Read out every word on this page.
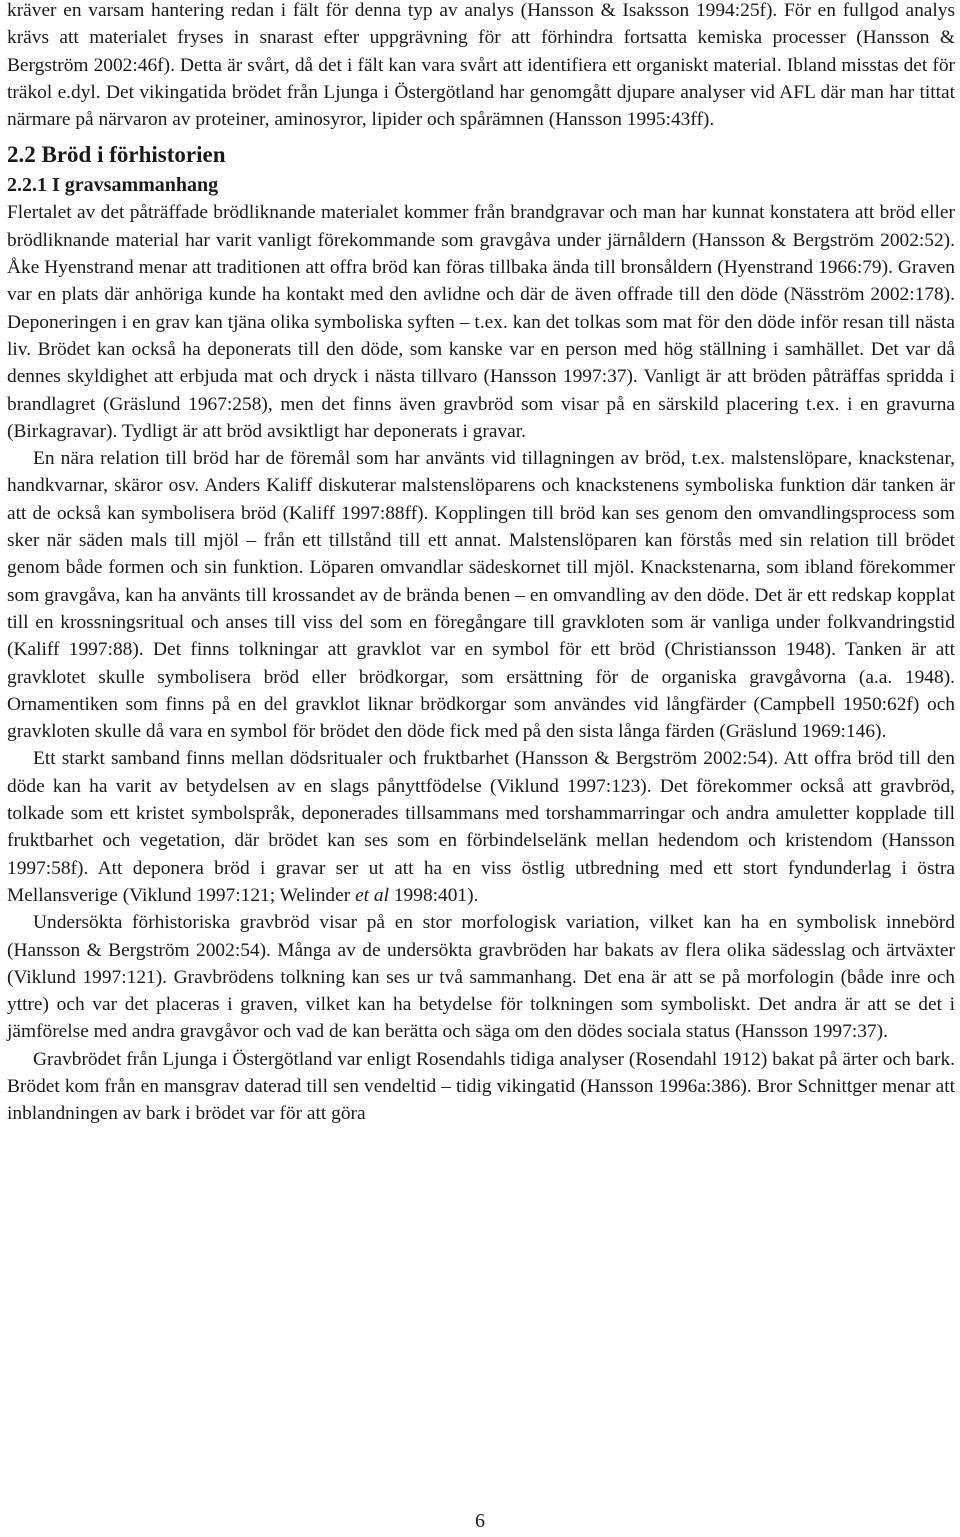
kräver en varsam hantering redan i fält för denna typ av analys (Hansson & Isaksson 1994:25f). För en fullgod analys krävs att materialet fryses in snarast efter uppgrävning för att förhindra fortsatta kemiska processer (Hansson & Bergström 2002:46f). Detta är svårt, då det i fält kan vara svårt att identifiera ett organiskt material. Ibland misstas det för träkol e.dyl. Det vikingatida brödet från Ljunga i Östergötland har genomgått djupare analyser vid AFL där man har tittat närmare på närvaron av proteiner, aminosyror, lipider och spårämnen (Hansson 1995:43ff).

2.2 Bröd i förhistorien
2.2.1 I gravsammanhang

Flertalet av det påträffade brödliknande materialet kommer från brandgravar och man har kunnat konstatera att bröd eller brödliknande material har varit vanligt förekommande som gravgåva under järnåldern (Hansson & Bergström 2002:52). Åke Hyenstrand menar att traditionen att offra bröd kan föras tillbaka ända till bronsåldern (Hyenstrand 1966:79). Graven var en plats där anhöriga kunde ha kontakt med den avlidne och där de även offrade till den döde (Näsström 2002:178). Deponeringen i en grav kan tjäna olika symboliska syften – t.ex. kan det tolkas som mat för den döde inför resan till nästa liv. Brödet kan också ha deponerats till den döde, som kanske var en person med hög ställning i samhället. Det var då dennes skyldighet att erbjuda mat och dryck i nästa tillvaro (Hansson 1997:37). Vanligt är att bröden påträffas spridda i brandlagret (Gräslund 1967:258), men det finns även gravbröd som visar på en särskild placering t.ex. i en gravurna (Birkagravar). Tydligt är att bröd avsiktligt har deponerats i gravar.

En nära relation till bröd har de föremål som har använts vid tillagningen av bröd, t.ex. malstenslöpare, knackstenar, handkvarnar, skäror osv. Anders Kaliff diskuterar malstenslöparens och knackstenens symboliska funktion där tanken är att de också kan symbolisera bröd (Kaliff 1997:88ff). Kopplingen till bröd kan ses genom den omvandlingsprocess som sker när säden mals till mjöl – från ett tillstånd till ett annat. Malstenslöparen kan förstås med sin relation till brödet genom både formen och sin funktion. Löparen omvandlar sädeskornet till mjöl. Knackstenarna, som ibland förekommer som gravgåva, kan ha använts till krossandet av de brända benen – en omvandling av den döde. Det är ett redskap kopplat till en krossningsritual och anses till viss del som en föregångare till gravkloten som är vanliga under folkvandringstid (Kaliff 1997:88). Det finns tolkningar att gravklot var en symbol för ett bröd (Christiansson 1948). Tanken är att gravklotet skulle symbolisera bröd eller brödkorgar, som ersättning för de organiska gravgåvorna (a.a. 1948). Ornamentiken som finns på en del gravklot liknar brödkorgar som användes vid långfärder (Campbell 1950:62f) och gravkloten skulle då vara en symbol för brödet den döde fick med på den sista långa färden (Gräslund 1969:146).

Ett starkt samband finns mellan dödsritualer och fruktbarhet (Hansson & Bergström 2002:54). Att offra bröd till den döde kan ha varit av betydelsen av en slags pånyttfödelse (Viklund 1997:123). Det förekommer också att gravbröd, tolkade som ett kristet symbolspråk, deponerades tillsammans med torshammarringar och andra amuletter kopplade till fruktbarhet och vegetation, där brödet kan ses som en förbindelselänk mellan hedendom och kristendom (Hansson 1997:58f). Att deponera bröd i gravar ser ut att ha en viss östlig utbredning med ett stort fyndunderlag i östra Mellansverige (Viklund 1997:121; Welinder et al 1998:401).

Undersökta förhistoriska gravbröd visar på en stor morfologisk variation, vilket kan ha en symbolisk innebörd (Hansson & Bergström 2002:54). Många av de undersökta gravbröden har bakats av flera olika sädesslag och ärtväxter (Viklund 1997:121). Gravbrödens tolkning kan ses ur två sammanhang. Det ena är att se på morfologin (både inre och yttre) och var det placeras i graven, vilket kan ha betydelse för tolkningen som symboliskt. Det andra är att se det i jämförelse med andra gravgåvor och vad de kan berätta och säga om den dödes sociala status (Hansson 1997:37).

Gravbrödet från Ljunga i Östergötland var enligt Rosendahls tidiga analyser (Rosendahl 1912) bakat på ärter och bark. Brödet kom från en mansgrav daterad till sen vendeltid – tidig vikingatid (Hansson 1996a:386). Bror Schnittger menar att inblandningen av bark i brödet var för att göra

6
